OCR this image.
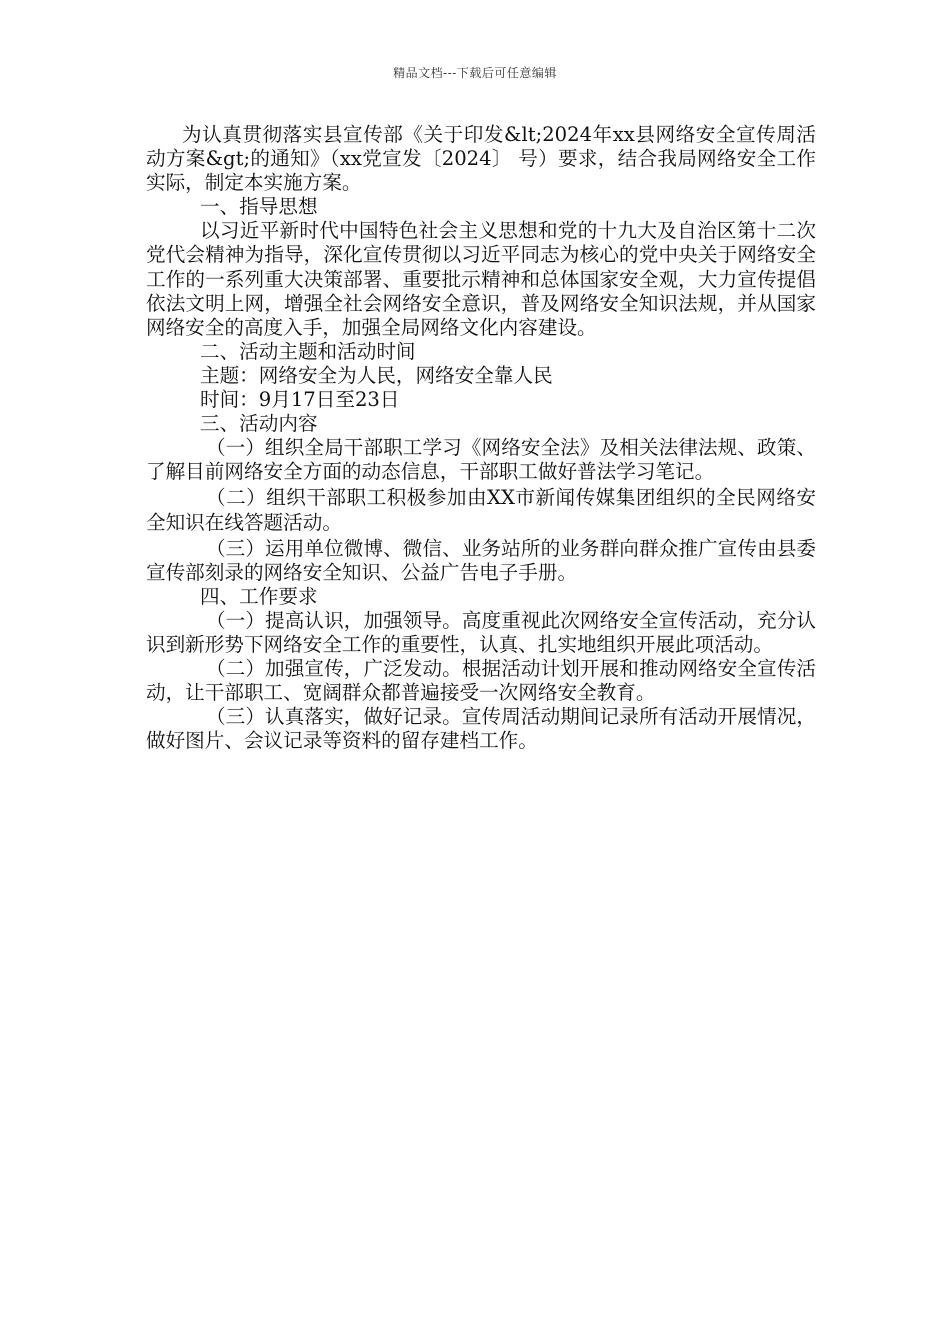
精品文档---下载后可任意编辑

为认真贯彻落实县宣传部《关于印发&lt;2024年xx县网络安全宣传周活动方案&gt;的通知》（xx党宣发〔2024〕 号）要求，结合我局网络安全工作实际，制定本实施方案。

一、指导思想

以习近平新时代中国特色社会主义思想和党的十九大及自治区第十二次党代会精神为指导，深化宣传贯彻以习近平同志为核心的党中央关于网络安全工作的一系列重大决策部署、重要批示精神和总体国家安全观，大力宣传提倡依法文明上网，增强全社会网络安全意识，普及网络安全知识法规，并从国家网络安全的高度入手，加强全局网络文化内容建设。

二、活动主题和活动时间

主题：网络安全为人民，网络安全靠人民

时间：9月17日至23日

三、活动内容

（一）组织全局干部职工学习《网络安全法》及相关法律法规、政策、了解目前网络安全方面的动态信息，干部职工做好普法学习笔记。

（二）组织干部职工积极参加由XX市新闻传媒集团组织的全民网络安全知识在线答题活动。

（三）运用单位微博、微信、业务站所的业务群向群众推广宣传由县委宣传部刻录的网络安全知识、公益广告电子手册。

四、工作要求

（一）提高认识，加强领导。高度重视此次网络安全宣传活动，充分认识到新形势下网络安全工作的重要性，认真、扎实地组织开展此项活动。

（二）加强宣传，广泛发动。根据活动计划开展和推动网络安全宣传活动，让干部职工、宽阔群众都普遍接受一次网络安全教育。

（三）认真落实，做好记录。宣传周活动期间记录所有活动开展情况，做好图片、会议记录等资料的留存建档工作。
